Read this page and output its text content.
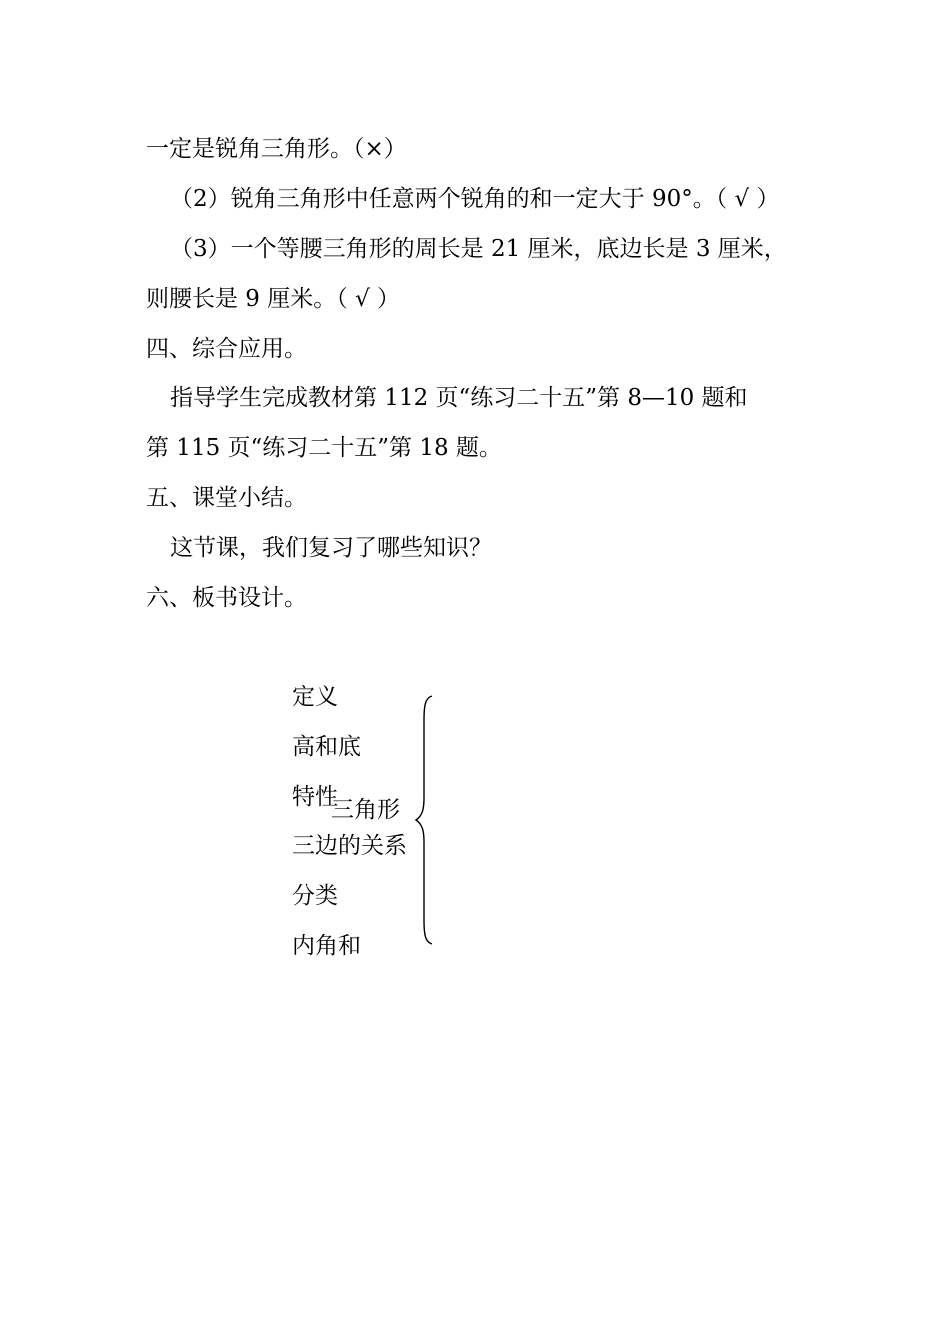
一定是锐角三角形。（×）
（2）锐角三角形中任意两个锐角的和一定大于 90°。（ √ ）
（3）一个等腰三角形的周长是 21 厘米，底边长是 3 厘米，
则腰长是 9 厘米。（ √ ）
四、综合应用。
指导学生完成教材第 112 页“练习二十五”第 8—10 题和
第 115 页“练习二十五”第 18 题。
五、课堂小结。
这节课，我们复习了哪些知识？
六、板书设计。
定义
高和底
特性
三边的关系
分类
内角和
三角形
